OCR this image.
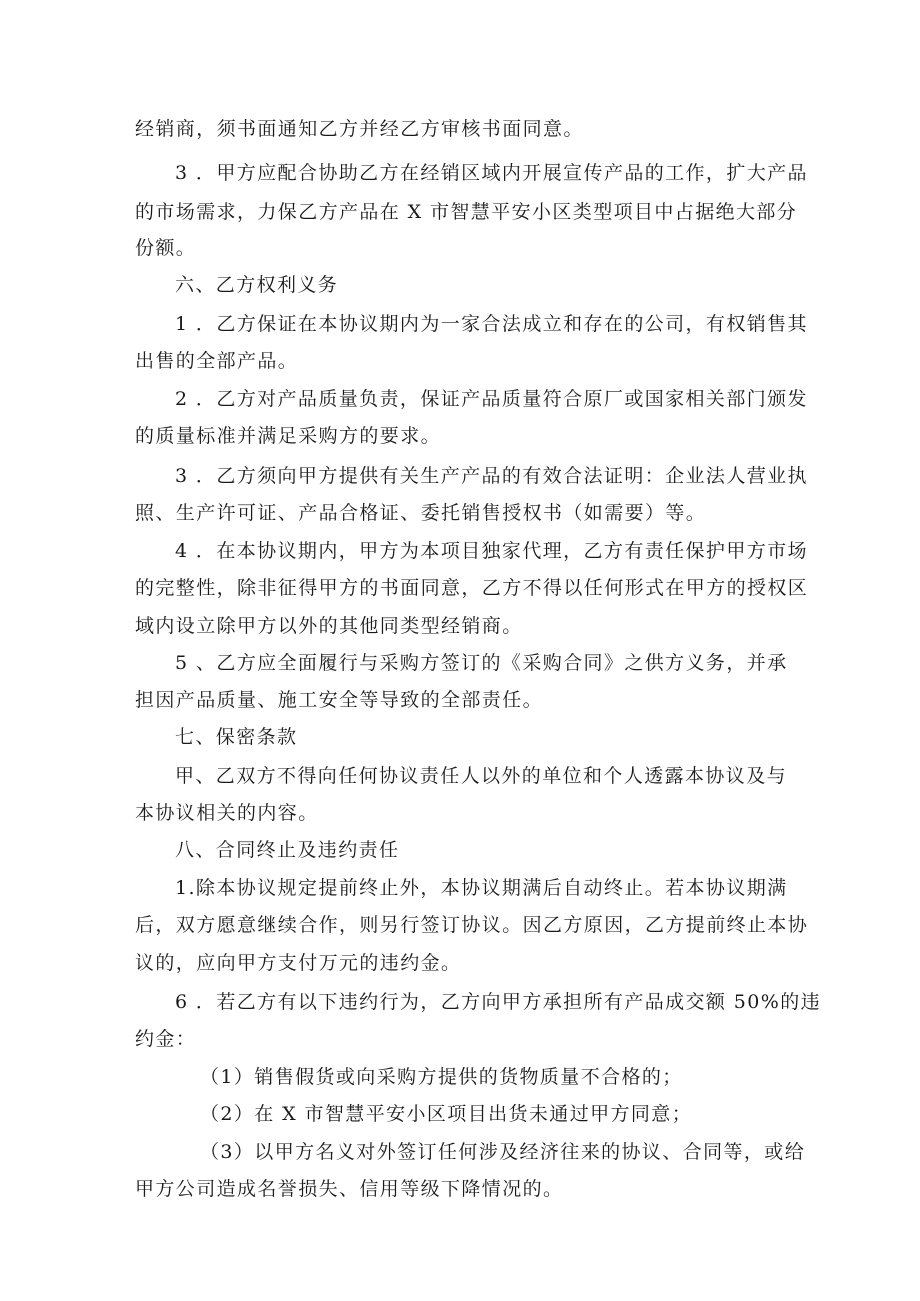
经销商，须书面通知乙方并经乙方审核书面同意。
3 ．甲方应配合协助乙方在经销区域内开展宣传产品的工作，扩大产品
的市场需求，力保乙方产品在 X 市智慧平安小区类型项目中占据绝大部分
份额。
六、乙方权利义务
1 ．乙方保证在本协议期内为一家合法成立和存在的公司，有权销售其
出售的全部产品。
2 ．乙方对产品质量负责，保证产品质量符合原厂或国家相关部门颁发
的质量标准并满足采购方的要求。
3 ．乙方须向甲方提供有关生产产品的有效合法证明：企业法人营业执
照、生产许可证、产品合格证、委托销售授权书（如需要）等。
4 ．在本协议期内，甲方为本项目独家代理，乙方有责任保护甲方市场
的完整性，除非征得甲方的书面同意，乙方不得以任何形式在甲方的授权区
域内设立除甲方以外的其他同类型经销商。
5 、乙方应全面履行与采购方签订的《采购合同》之供方义务，并承
担因产品质量、施工安全等导致的全部责任。
七、保密条款
甲、乙双方不得向任何协议责任人以外的单位和个人透露本协议及与
本协议相关的内容。
八、合同终止及违约责任
1.除本协议规定提前终止外，本协议期满后自动终止。若本协议期满
后，双方愿意继续合作，则另行签订协议。因乙方原因，乙方提前终止本协
议的，应向甲方支付万元的违约金。
6 ．若乙方有以下违约行为，乙方向甲方承担所有产品成交额 50%的违
约金：
（1）销售假货或向采购方提供的货物质量不合格的；
（2）在 X 市智慧平安小区项目出货未通过甲方同意；
（3）以甲方名义对外签订任何涉及经济往来的协议、合同等，或给
甲方公司造成名誉损失、信用等级下降情况的。
